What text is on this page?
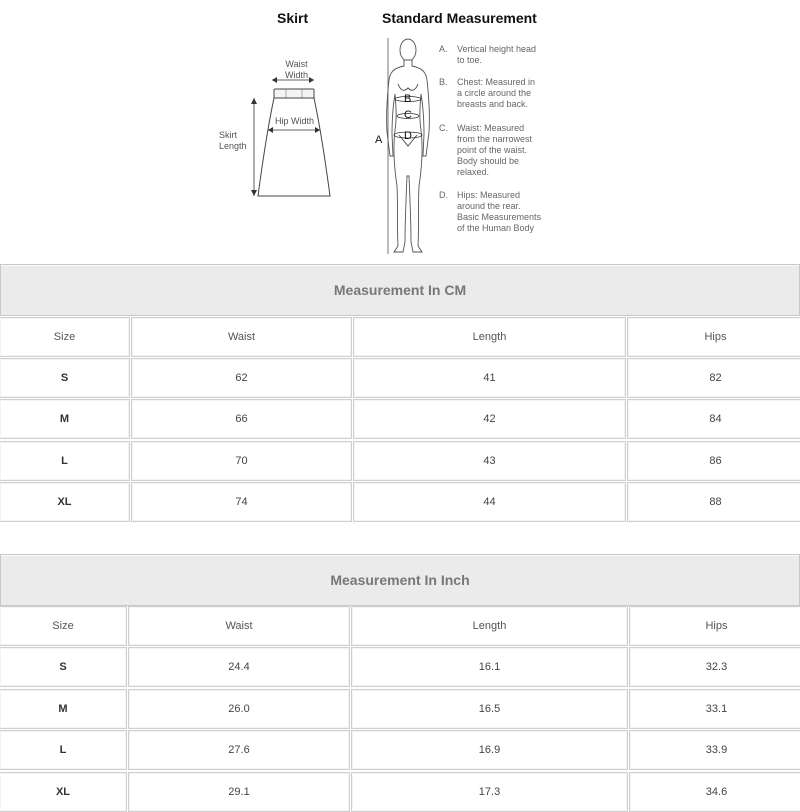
Skirt	Standard Measurement
Waist
Width
Hip Width
Skirt
Length	A
B
C
D
A.	Vertical height head
to toe.
B.	Chest: Measured in
a circle around the
breasts and back.
C.	Waist: Measured
from the narrowest
point of the waist.
Body should be
relaxed.
D.	Hips: Measured
around the rear.
Basic Measurements
of the Human Body
Measurement In CM
Size	Waist	Length	Hips
S	62	41	82
M	66	42	84
L	70	43	86
XL	74	44	88
Measurement In Inch
Size	Waist	Length	Hips
S	24.4	16.1	32.3
M	26.0	16.5	33.1
L	27.6	16.9	33.9
XL	29.1	17.3	34.6
